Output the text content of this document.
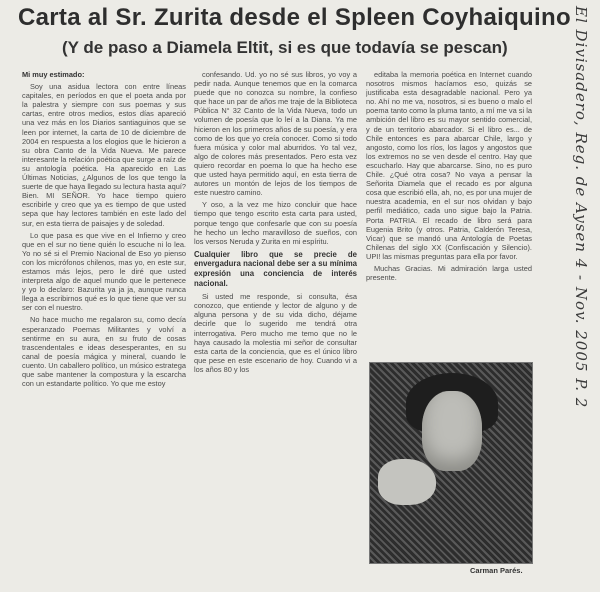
Carta al Sr. Zurita desde el Spleen Coyhaiquino
(Y de paso a Diamela Eltit, si es que todavía se pescan)

Mi muy estimado:

Soy una asidua lectora con entre líneas capitales, en períodos en que el poeta anda por la palestra y siempre con sus poemas y sus cartas, entre otros medios, estos días apareció una vez más en los Diarios santiaguinos que se leen por internet, la carta de 10 de diciembre de 2004 en respuesta a los elogios que le hicieron a su obra Canto de la Vida Nueva. Me parece interesante la relación poética que surge a raíz de su antología poética. Ha aparecido en Las Últimas Noticias, ¿Algunos de los que tengo la suerte de que haya llegado su lectura hasta aquí? Bien. MI SEÑOR. Yo hace tiempo quiero escribirle y creo que ya es tiempo de que usted sepa que hay lectores también en este lado del sur, en esta tierra de paisajes y de soledad.

Lo que pasa es que vive en el Infierno y creo que en el sur no tiene quién lo escuche ni lo lea. Yo no sé si el Premio Nacional de Eso yo pienso con los micrófonos chilenos, mas yo, en este sur, estamos más lejos, pero le diré que usted interpreta algo de aquel mundo que le pertenece y yo lo declaro: Bazurita ya ja ja, aunque nunca llega a escribirnos qué es lo que tiene que ver su ser con el nuestro.

No hace mucho me regalaron su, como decía esperanzado Poemas Militantes y volví a sentirme en su aura, en su fruto de cosas trascendentales e ideas desesperantes, en su canal de poesía mágica y mineral, cuando le cuento. Un caballero político, un músico estratega que sabe mantener la compostura y la escarcha con un estandarte político. Yo que me estoy

confesando. Ud. yo no sé sus libros, yo voy a pedir nada. Aunque tenemos que en la comarca puede que no conozca su nombre, la confieso que hace un par de años me traje de la Biblioteca Pública N° 32 Canto de la Vida Nueva, todo un volumen de poesía que lo leí a la Diana. Ya me hicieron en los primeros años de su poesía, y era como de los que yo creía conocer. Como si todo fuera música y color mal aburridos. Yo tal vez, algo de colores más presentados. Pero esta vez quiero recordar en poema lo que ha hecho ese que usted haya permitido aquí, en esta tierra de autores un montón de lejos de los tiempos de este nuestro camino.

Y oso, a la vez me hizo concluir que hace tiempo que tengo escrito esta carta para usted, porque tengo que confesarle que con su poesía he hecho un lecho maravilloso de sueños, con los versos Neruda y Zurita en mi espíritu.

Cualquier libro que se precie de envergadura nacional debe ser a su mínima expresión una conciencia de interés nacional.

Si usted me responde, si consulta, ésa conozco, que entiende y lector de alguno y de alguna persona y de su vida dicho, déjame decirle que lo sugerido me tendrá otra interrogativa. Pero mucho me temo que no le haya causado la molestia mi señor de consultar esta carta de la conciencia, que es el único libro que pese en este escenario de hoy. Cuando vi a los años 80 y los

editaba la memoria poética en Internet cuando nosotros mismos hacíamos eso, quizás se justificaba esta desagradable nacional. Pero ya no. Ahí no me va, nosotros, si es bueno o malo el poema tanto como la pluma tanto, a mí me va si la ambición del libro es su mayor sentido comercial, y de un territorio abarcador. Si el libro es... de Chile entonces es para abarcar Chile, largo y angosto, como los ríos, los lagos y angostos que los extremos no se ven desde el centro. Hay que escucharlo. Hay que abarcarse. Sino, no es puro Chile. ¿Qué otra cosa? No vaya a pensar la Señorita Diamela que el recado es por alguna cosa que escribió ella, ah, no, es por una mujer de nuestra academia, en el sur nos olvidan y bajo perfil mediático, cada uno sigue bajo la Patria. Porta PATRIA. El recado de libro será para Eugenia Brito (y otros. Patria, Calderón Teresa, Vicar) que se mandó una Antología de Poetas Chilenas del siglo XX (Confiscación y Silencio). UPI! las mismas preguntas para ella por favor.

Muchas Gracias. Mi admiración larga usted presente.

Carman Parés.
El Divisadero, Reg. de Aysen 4 - Nov. 2005 P. 2
